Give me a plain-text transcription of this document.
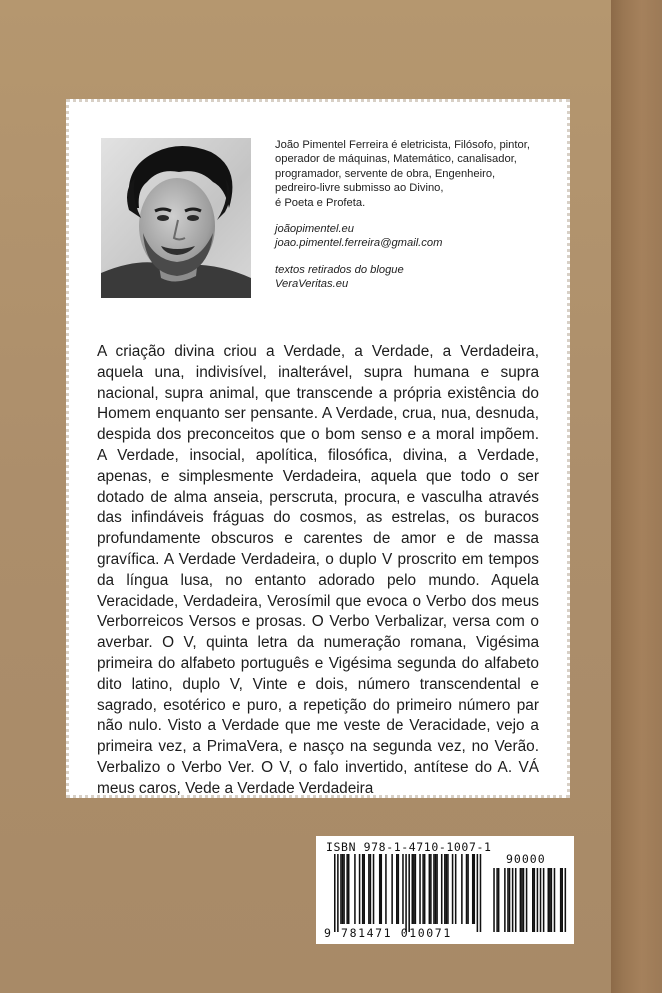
João Pimentel Ferreira é eletricista, Filósofo, pintor,
operador de máquinas, Matemático, canalisador,
programador, servente de obra, Engenheiro,
pedreiro-livre submisso ao Divino,
é Poeta e Profeta.
joãopimentel.eu
joao.pimentel.ferreira@gmail.com
textos retirados do blogue
VeraVeritas.eu
A criação divina criou a Verdade, a Verdade, a Verdadeira, aquela una, indivisível, inalterável, supra humana e supra nacional, supra animal, que transcende a própria existência do Homem enquanto ser pensante. A Verdade, crua, nua, desnuda, despida dos preconceitos que o bom senso e a moral impõem. A Verdade, insocial, apolítica, filosófica, divina, a Verdade, apenas, e simplesmente Verdadeira, aquela que todo o ser dotado de alma anseia, perscruta, procura, e vasculha através das infindáveis fráguas do cosmos, as estrelas, os buracos profundamente obscuros e carentes de amor e de massa gravífica. A Verdade Verdadeira, o duplo V proscrito em tempos da língua lusa, no entanto adorado pelo mundo. Aquela Veracidade, Verdadeira, Verosímil que evoca o Verbo dos meus Verborreicos Versos e prosas. O Verbo Verbalizar, versa com o averbar. O V, quinta letra da numeração romana, Vigésima primeira do alfabeto português e Vigésima segunda do alfabeto dito latino, duplo V, Vinte e dois, número transcendental e sagrado, esotérico e puro, a repetição do primeiro número par não nulo. Visto a Verdade que me veste de Veracidade, vejo a primeira vez, a PrimaVera, e nasço na segunda vez, no Verão. Verbalizo o Verbo Ver. O V, o falo invertido, antítese do A. VÁ meus caros, Vede a Verdade Verdadeira
ISBN 978-1-4710-1007-1
90000
9 781471 010071
